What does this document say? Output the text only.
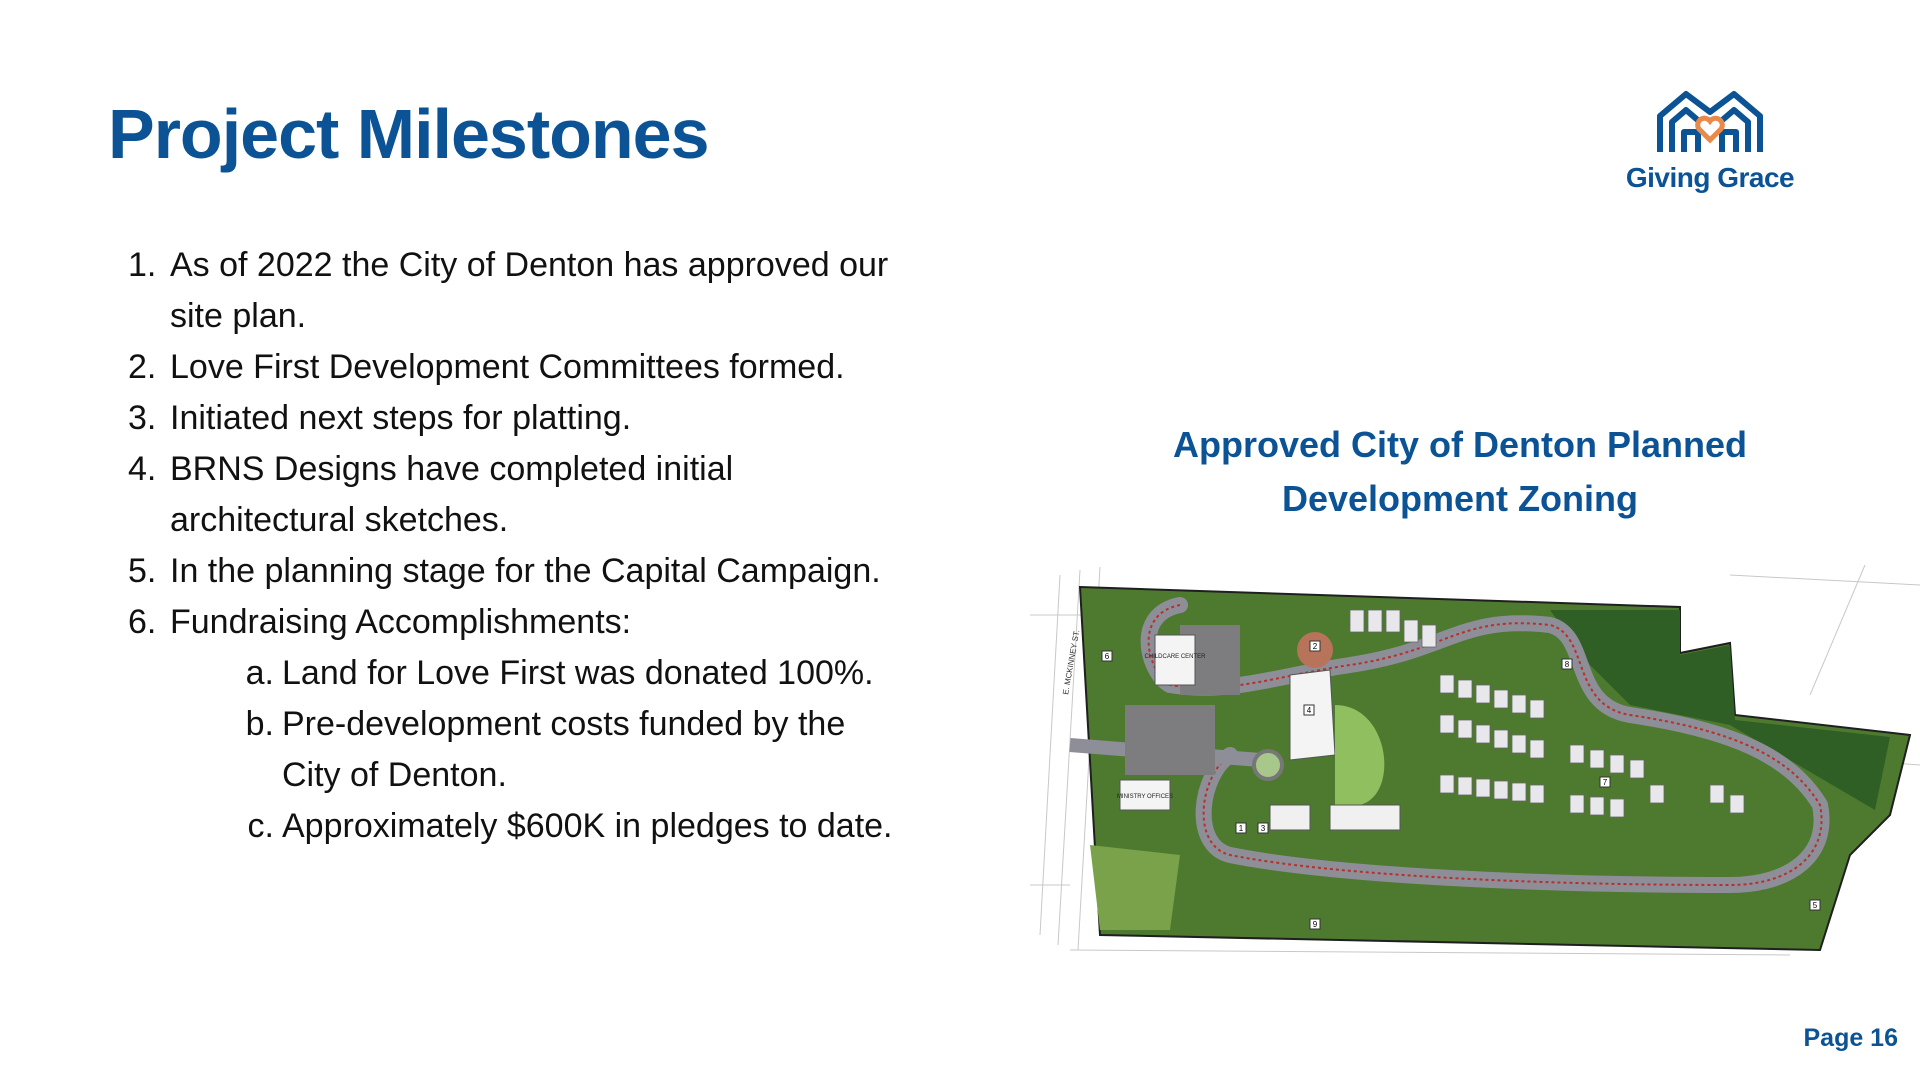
Project Milestones
Giving Grace
1. As of 2022 the City of Denton has approved our site plan.
2. Love First Development Committees formed.
3. Initiated next steps for platting.
4. BRNS Designs have completed initial architectural sketches.
5. In the planning stage for the Capital Campaign.
6. Fundraising Accomplishments:
a. Land for Love First was donated 100%.
b. Pre-development costs funded by the City of Denton.
c. Approximately $600K in pledges to date.
Approved City of Denton Planned
Development Zoning
CHILDCARE CENTER
MINISTRY OFFICES
E. MCKINNEY ST.
1
2
3
4
5
6
7
8
9
Page 16
